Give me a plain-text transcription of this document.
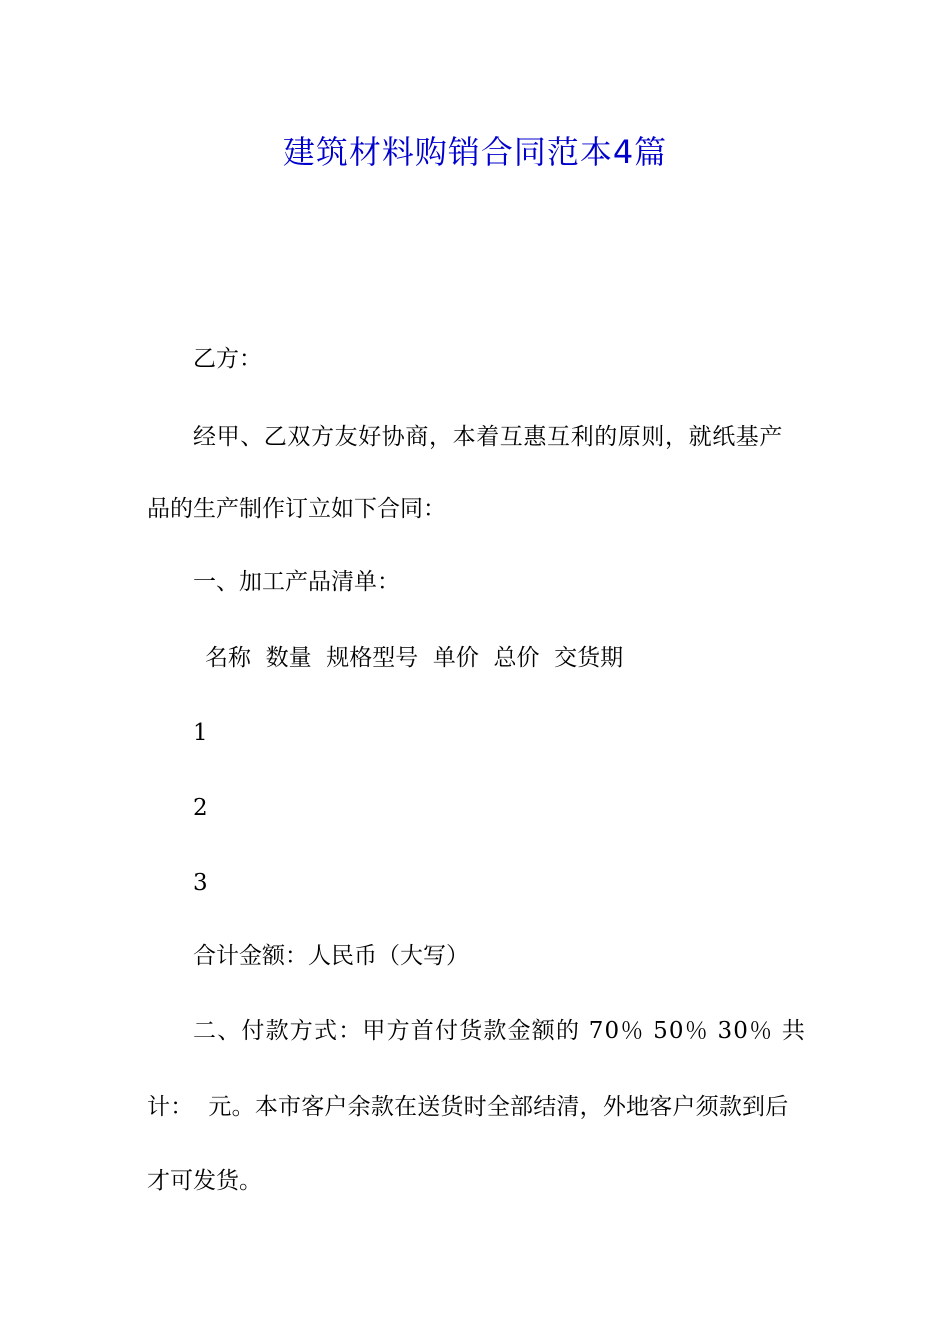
建筑材料购销合同范本4篇

乙方：

经甲、乙双方友好协商，本着互惠互利的原则，就纸基产

品的生产制作订立如下合同：

一、加工产品清单：

名称  数量  规格型号  单价  总价  交货期

1

2

3

合计金额：人民币（大写）

二、付款方式：甲方首付货款金额的 70％ 50％ 30％ 共

计：  元。本市客户余款在送货时全部结清，外地客户须款到后

才可发货。
